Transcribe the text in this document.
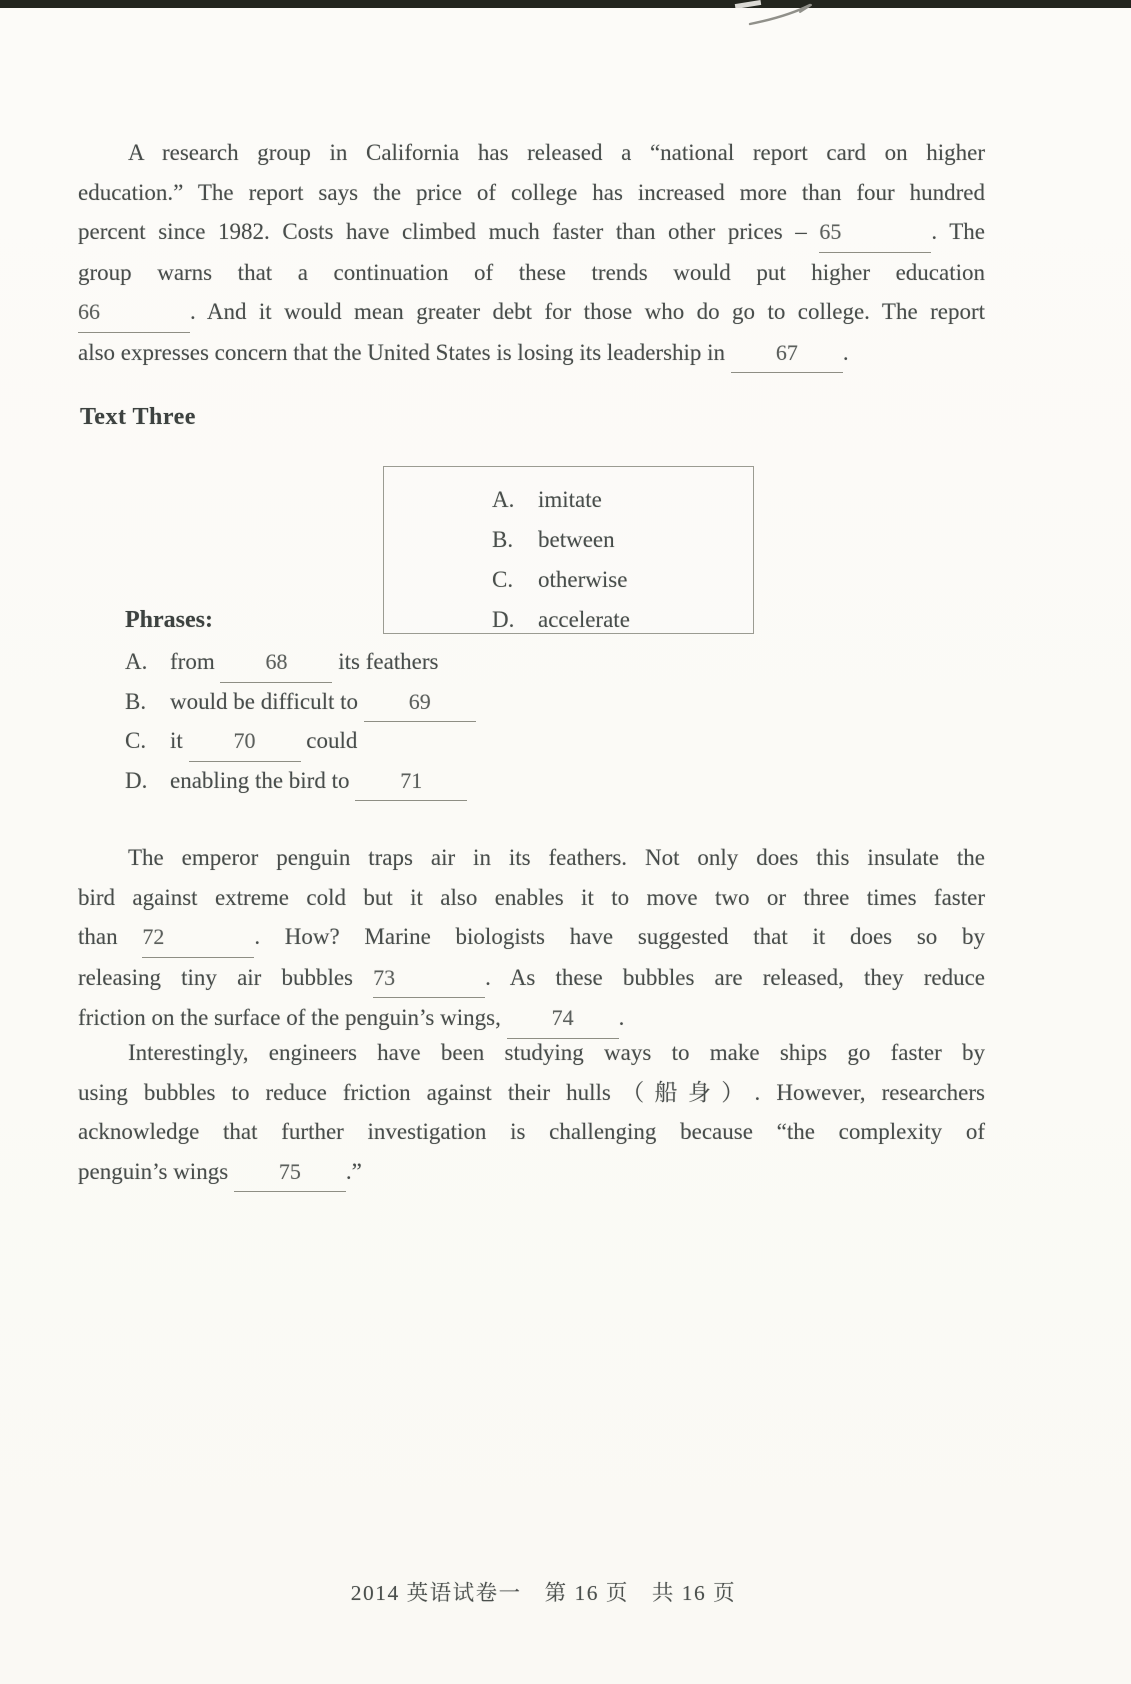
A research group in California has released a “national report card on higher
education.” The report says the price of college has increased more than four hundred
percent since 1982. Costs have climbed much faster than other prices – 65	. The
group warns that a continuation of these trends would put higher education
66	. And it would mean greater debt for those who do go to college. The report
also expresses concern that the United States is losing its leadership in 67 .
Text Three
A. imitate
B. between
C. otherwise
D. accelerate
Phrases:
A. from 68 its feathers
B. would be difficult to 69
C. it 70 could
D. enabling the bird to 71
The emperor penguin traps air in its feathers. Not only does this insulate the
bird against extreme cold but it also enables it to move two or three times faster
than 72	. How? Marine biologists have suggested that it does so by
releasing tiny air bubbles 73	. As these bubbles are released, they reduce
friction on the surface of the penguin’s wings, 74 .
Interestingly, engineers have been studying ways to make ships go faster by
using bubbles to reduce friction against their hulls（船身）. However, researchers
acknowledge that further investigation is challenging because “the complexity of
penguin’s wings 75 .”
2014 英语试卷一　第 16 页　共 16 页
